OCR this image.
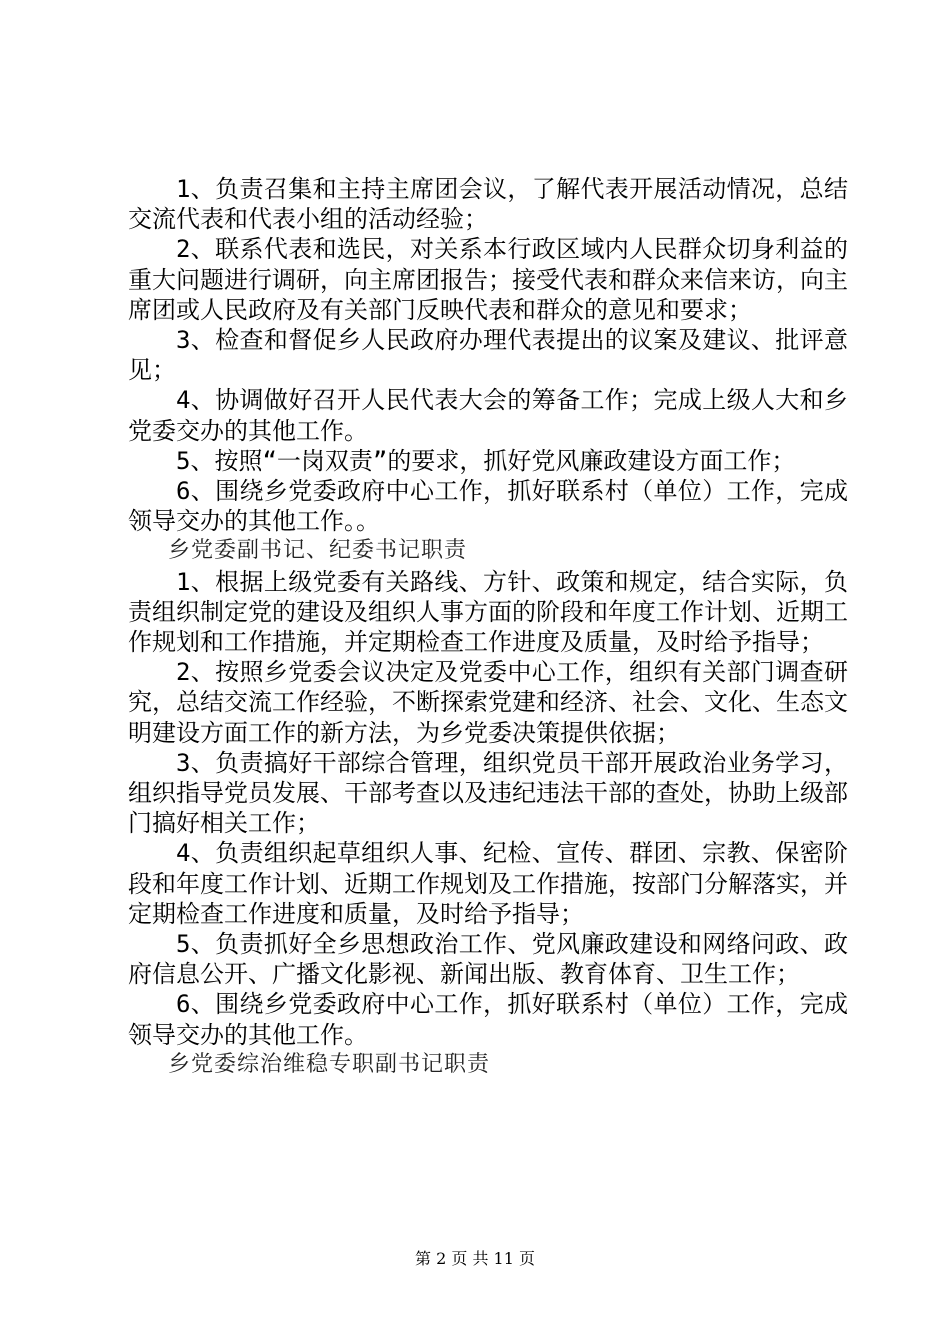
1、负责召集和主持主席团会议，了解代表开展活动情况，总结交流代表和代表小组的活动经验；

2、联系代表和选民，对关系本行政区域内人民群众切身利益的重大问题进行调研，向主席团报告；接受代表和群众来信来访，向主席团或人民政府及有关部门反映代表和群众的意见和要求；

3、检查和督促乡人民政府办理代表提出的议案及建议、批评意见；

4、协调做好召开人民代表大会的筹备工作；完成上级人大和乡党委交办的其他工作。

5、按照“一岗双责”的要求，抓好党风廉政建设方面工作；

6、围绕乡党委政府中心工作，抓好联系村（单位）工作，完成领导交办的其他工作。。

乡党委副书记、纪委书记职责

1、根据上级党委有关路线、方针、政策和规定，结合实际，负责组织制定党的建设及组织人事方面的阶段和年度工作计划、近期工作规划和工作措施，并定期检查工作进度及质量，及时给予指导；

2、按照乡党委会议决定及党委中心工作，组织有关部门调查研究，总结交流工作经验，不断探索党建和经济、社会、文化、生态文明建设方面工作的新方法，为乡党委决策提供依据；

3、负责搞好干部综合管理，组织党员干部开展政治业务学习，组织指导党员发展、干部考查以及违纪违法干部的查处，协助上级部门搞好相关工作；

4、负责组织起草组织人事、纪检、宣传、群团、宗教、保密阶段和年度工作计划、近期工作规划及工作措施，按部门分解落实，并定期检查工作进度和质量，及时给予指导；

5、负责抓好全乡思想政治工作、党风廉政建设和网络问政、政府信息公开、广播文化影视、新闻出版、教育体育、卫生工作；

6、围绕乡党委政府中心工作，抓好联系村（单位）工作，完成领导交办的其他工作。

乡党委综治维稳专职副书记职责

第 2 页 共 11 页
